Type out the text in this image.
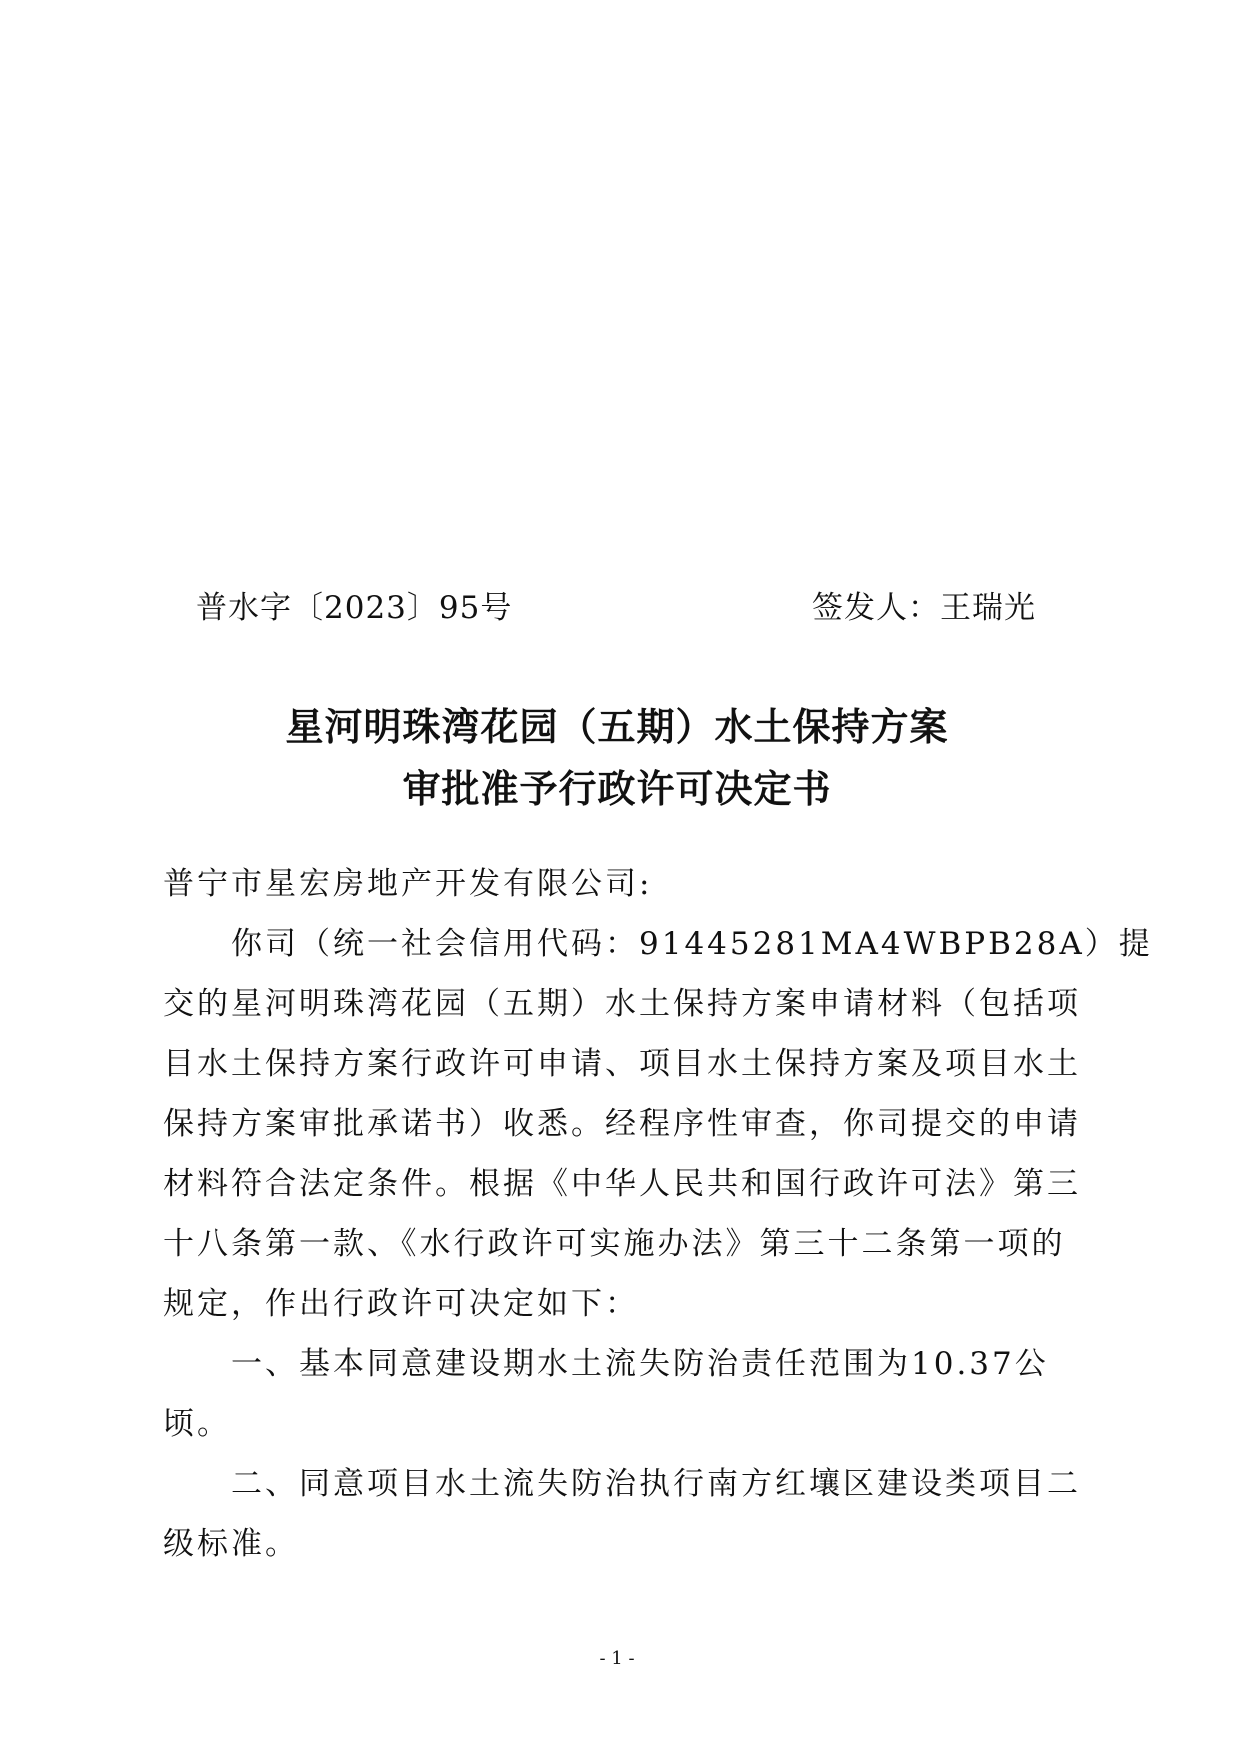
普水字〔2023〕95号	签发人：王瑞光
星河明珠湾花园（五期）水土保持方案
审批准予行政许可决定书
普宁市星宏房地产开发有限公司:
　　你司（统一社会信用代码：91445281MA4WBPB28A）提
交的星河明珠湾花园（五期）水土保持方案申请材料（包括项
目水土保持方案行政许可申请、项目水土保持方案及项目水土
保持方案审批承诺书）收悉。经程序性审查，你司提交的申请
材料符合法定条件。根据《中华人民共和国行政许可法》第三
十八条第一款、《水行政许可实施办法》第三十二条第一项的
规定，作出行政许可决定如下：
　　一、基本同意建设期水土流失防治责任范围为10.37公
顷。
　　二、同意项目水土流失防治执行南方红壤区建设类项目二
级标准。
- 1 -
